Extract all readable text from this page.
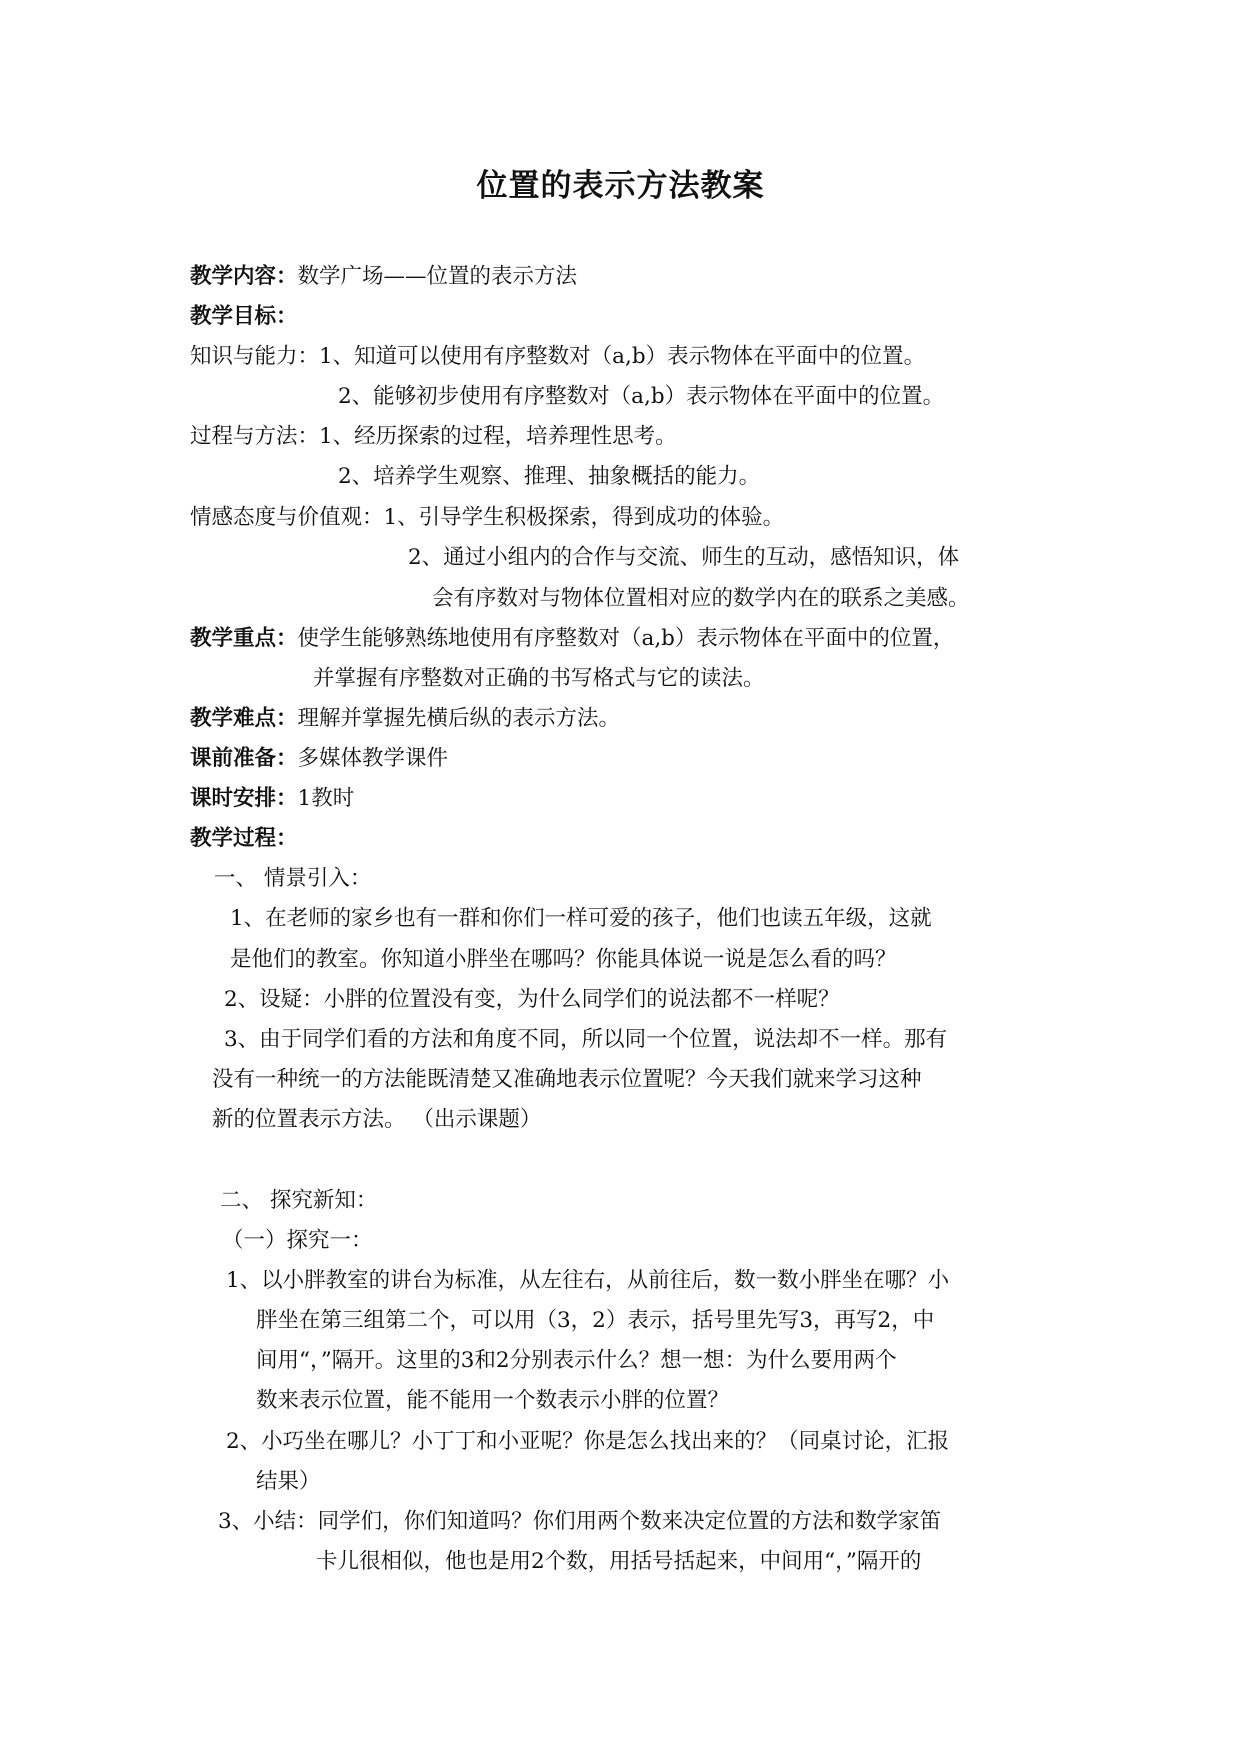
位置的表示方法教案
教学内容：数学广场——位置的表示方法
教学目标：
知识与能力：1、知道可以使用有序整数对（a,b）表示物体在平面中的位置。
2、能够初步使用有序整数对（a,b）表示物体在平面中的位置。
过程与方法：1、经历探索的过程，培养理性思考。
2、培养学生观察、推理、抽象概括的能力。
情感态度与价值观：1、引导学生积极探索，得到成功的体验。
2、通过小组内的合作与交流、师生的互动，感悟知识，体
会有序数对与物体位置相对应的数学内在的联系之美感。
教学重点：使学生能够熟练地使用有序整数对（a,b）表示物体在平面中的位置，
并掌握有序整数对正确的书写格式与它的读法。
教学难点：理解并掌握先横后纵的表示方法。
课前准备：多媒体教学课件
课时安排：1教时
教学过程：
一、 情景引入：
1、在老师的家乡也有一群和你们一样可爱的孩子，他们也读五年级，这就
是他们的教室。你知道小胖坐在哪吗？你能具体说一说是怎么看的吗？
2、设疑：小胖的位置没有变，为什么同学们的说法都不一样呢？
3、由于同学们看的方法和角度不同，所以同一个位置，说法却不一样。那有
没有一种统一的方法能既清楚又准确地表示位置呢？今天我们就来学习这种
新的位置表示方法。 （出示课题）
二、 探究新知：
（一）探究一：
1、以小胖教室的讲台为标准，从左往右，从前往后，数一数小胖坐在哪？小
胖坐在第三组第二个，可以用（3，2）表示，括号里先写3，再写2，中
间用“，”隔开。这里的3和2分别表示什么？想一想：为什么要用两个
数来表示位置，能不能用一个数表示小胖的位置？
2、小巧坐在哪儿？小丁丁和小亚呢？你是怎么找出来的？（同桌讨论，汇报
结果）
3、小结：同学们，你们知道吗？你们用两个数来决定位置的方法和数学家笛
卡儿很相似，他也是用2个数，用括号括起来，中间用“，”隔开的
